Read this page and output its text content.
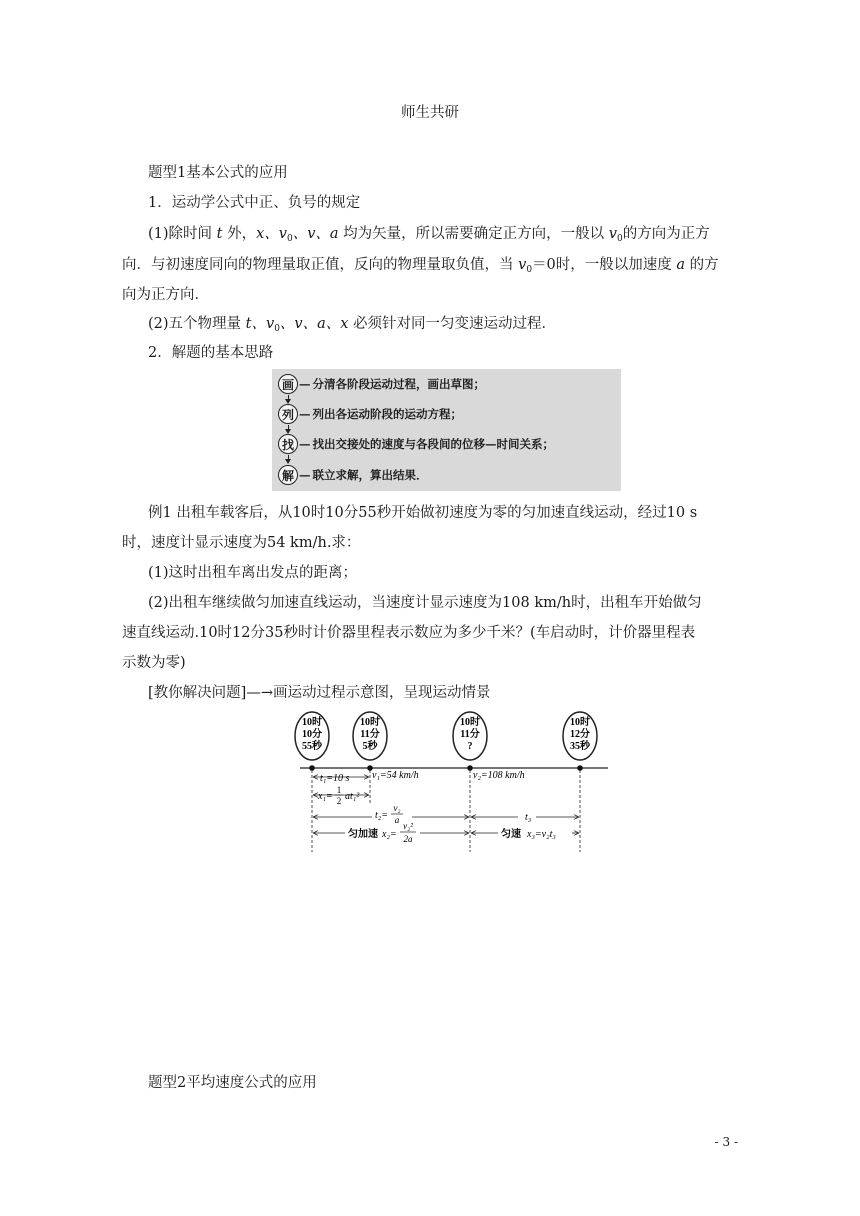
师生共研
题型1基本公式的应用
1．运动学公式中正、负号的规定
(1)除时间 t 外，x、$v_0$、v、a 均为矢量，所以需要确定正方向，一般以 $v_0$的方向为正方
向．与初速度同向的物理量取正值，反向的物理量取负值，当 $v_0=0$时，一般以加速度 a 的方
向为正方向．
(2)五个物理量 t、$v_0$、v、a、x 必须针对同一匀变速运动过程．
2．解题的基本思路
画 — 分清各阶段运动过程，画出草图；
列 — 列出各运动阶段的运动方程；
找 — 找出交接处的速度与各段间的位移—时间关系；
解 — 联立求解，算出结果．
例1 出租车载客后，从10时10分55秒开始做初速度为零的匀加速直线运动，经过10 s
时，速度计显示速度为54 km/h.求：
(1)这时出租车离出发点的距离；
(2)出租车继续做匀加速直线运动，当速度计显示速度为108 km/h时，出租车开始做匀
速直线运动.10时12分35秒时计价器里程表示数应为多少千米？(车启动时，计价器里程表
示数为零)
[教你解决问题]—→画运动过程示意图，呈现运动情景
10时
10分
55秒
10时
11分
5秒
10时
11分
?
10时
12分
35秒
t₁=10 s v₁=54 km/h	v₂=108 km/h
x₁=
1
2 at₁²
t₂=
v₂
a	t₃
匀加速 x₂=
v₂²
2a	匀速 x₃=v₂t₃
题型2平均速度公式的应用
- 3 -
